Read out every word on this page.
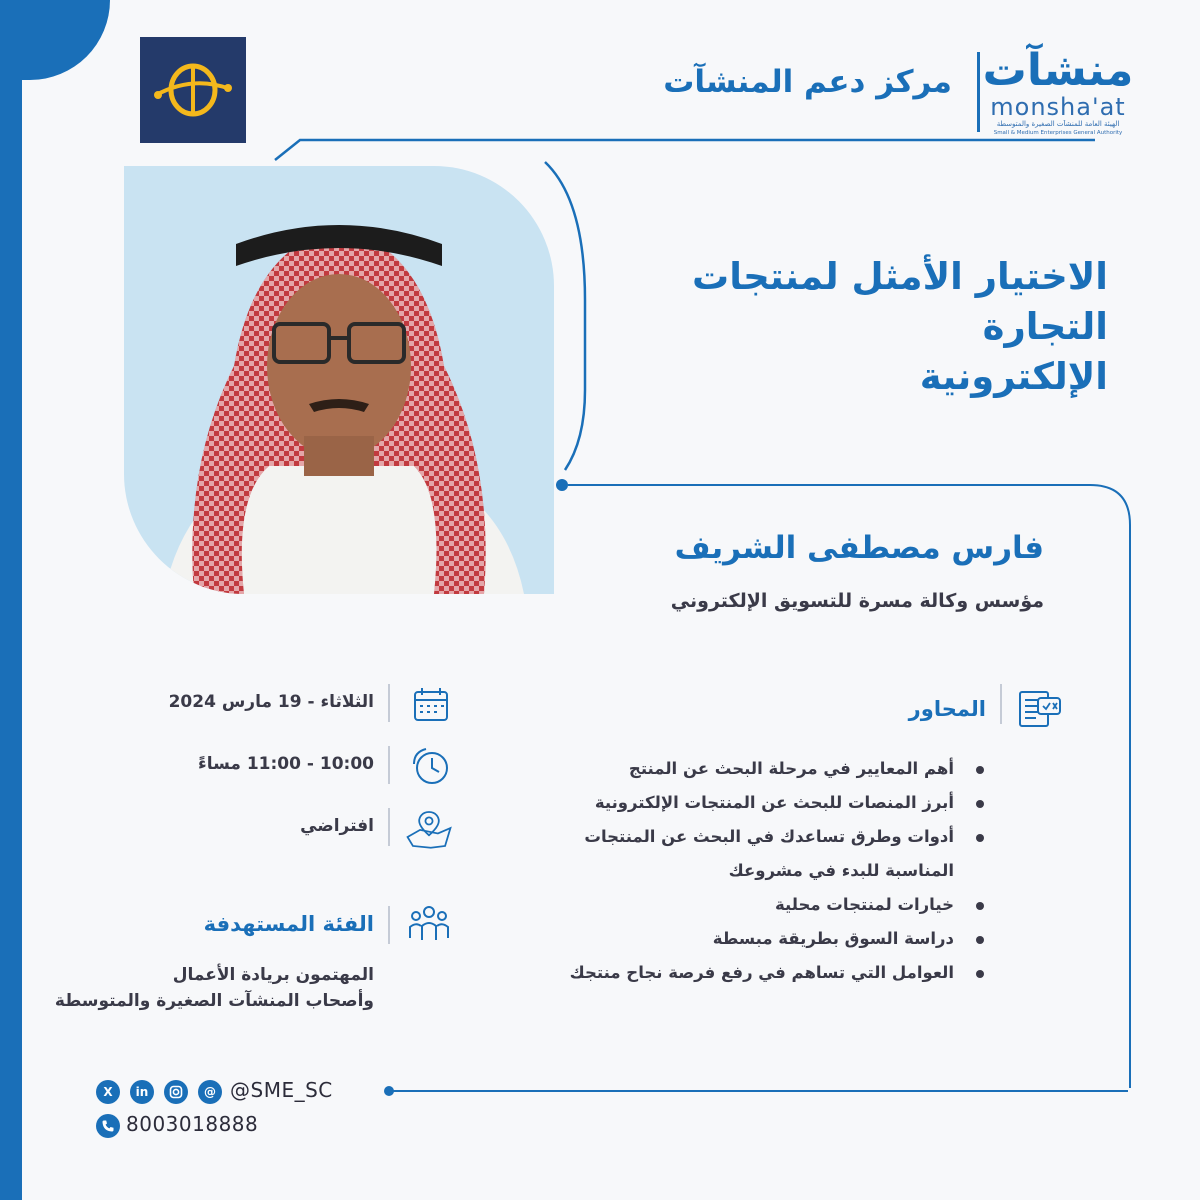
مركز دعم المنشآت منشآت
monsha'at
الهيئة العامة للمنشآت الصغيرة والمتوسطة
Small & Medium Enterprises General Authority
الاختيار الأمثل لمنتجات التجارة
الإلكترونية
فارس مصطفى الشريف
مؤسس وكالة مسرة للتسويق الإلكتروني
المحاور
أهم المعايير في مرحلة البحث عن المنتج
أبرز المنصات للبحث عن المنتجات الإلكترونية
أدوات وطرق تساعدك في البحث عن المنتجات المناسبة للبدء في مشروعك
خيارات لمنتجات محلية
دراسة السوق بطريقة مبسطة
العوامل التي تساهم في رفع فرصة نجاح منتجك
الثلاثاء - 19 مارس 2024
10:00 - 11:00 مساءً
افتراضي
الفئة المستهدفة
المهتمون بريادة الأعمال
وأصحاب المنشآت الصغيرة والمتوسطة
X	in	@ @SME_SC
8003018888
